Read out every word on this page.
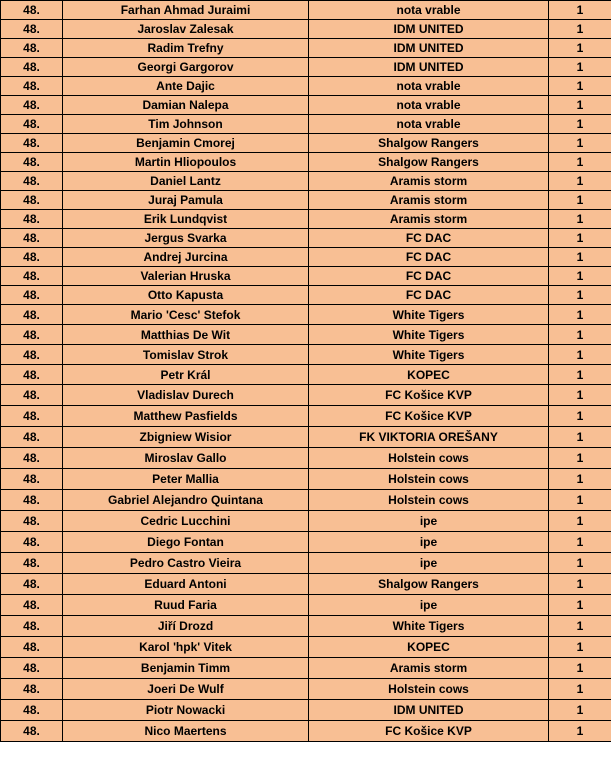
48.	Farhan Ahmad Juraimi	nota vrable	1
48.	Jaroslav Zalesak	IDM UNITED	1
48.	Radim Trefny	IDM UNITED	1
48.	Georgi Gargorov	IDM UNITED	1
48.	Ante Dajic	nota vrable	1
48.	Damian Nalepa	nota vrable	1
48.	Tim Johnson	nota vrable	1
48.	Benjamin Cmorej	Shalgow Rangers	1
48.	Martin Hliopoulos	Shalgow Rangers	1
48.	Daniel Lantz	Aramis storm	1
48.	Juraj Pamula	Aramis storm	1
48.	Erik Lundqvist	Aramis storm	1
48.	Jergus Svarka	FC DAC	1
48.	Andrej Jurcina	FC DAC	1
48.	Valerian Hruska	FC DAC	1
48.	Otto Kapusta	FC DAC	1
48.	Mario 'Cesc' Stefok	White Tigers	1
48.	Matthias De Wit	White Tigers	1
48.	Tomislav Strok	White Tigers	1
48.	Petr Král	KOPEC	1
48.	Vladislav Durech	FC Košice KVP	1
48.	Matthew Pasfields	FC Košice KVP	1
48.	Zbigniew Wisior	FK VIKTORIA OREŠANY	1
48.	Miroslav Gallo	Holstein cows	1
48.	Peter Mallia	Holstein cows	1
48.	Gabriel Alejandro Quintana	Holstein cows	1
48.	Cedric Lucchini	ipe	1
48.	Diego Fontan	ipe	1
48.	Pedro Castro Vieira	ipe	1
48.	Eduard Antoni	Shalgow Rangers	1
48.	Ruud Faria	ipe	1
48.	Jiří Drozd	White Tigers	1
48.	Karol 'hpk' Vitek	KOPEC	1
48.	Benjamin Timm	Aramis storm	1
48.	Joeri De Wulf	Holstein cows	1
48.	Piotr Nowacki	IDM UNITED	1
48.	Nico Maertens	FC Košice KVP	1
